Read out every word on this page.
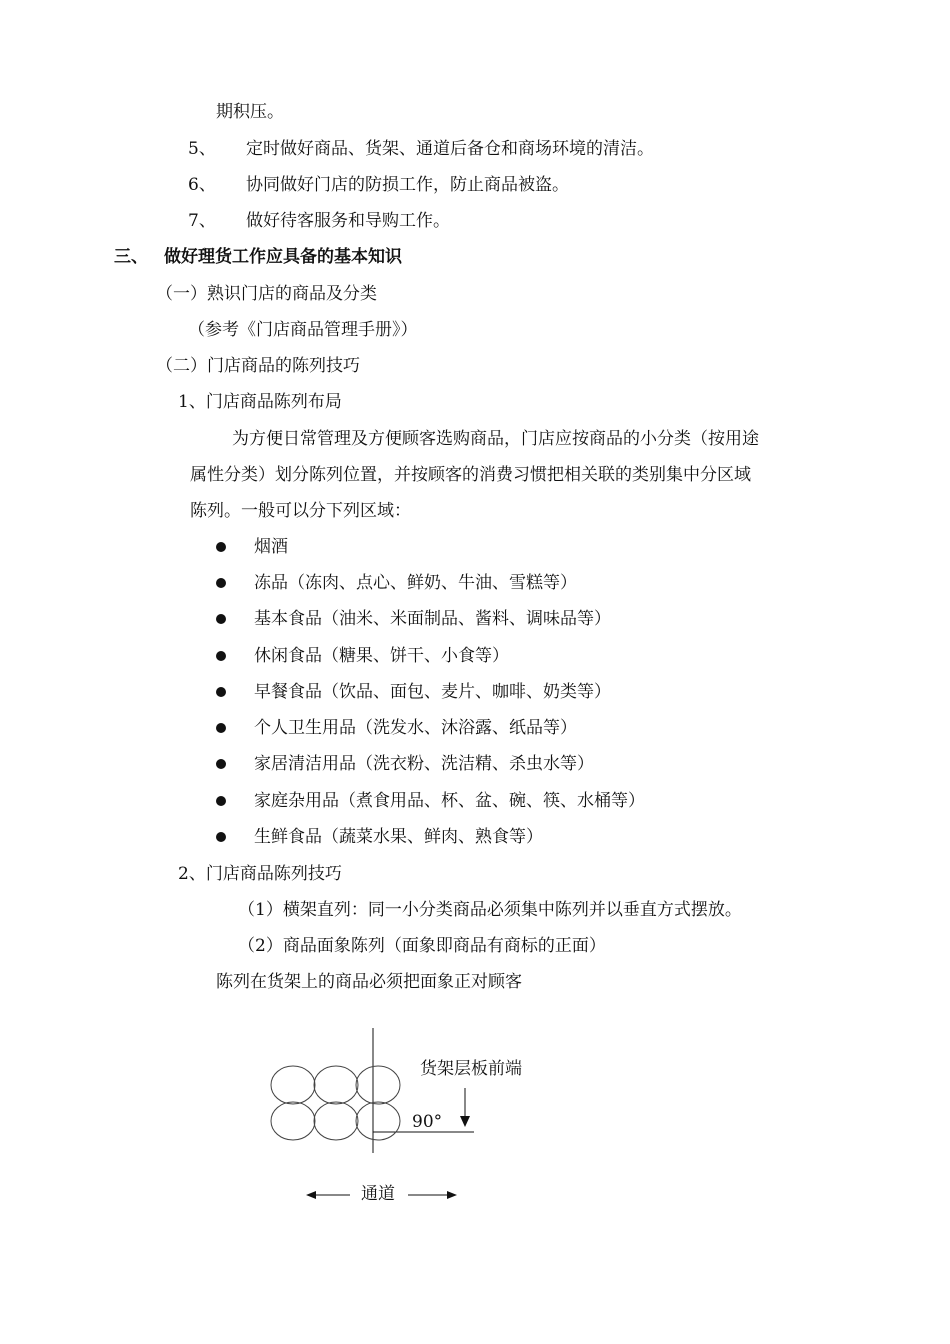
期积压。
5、 定时做好商品、货架、通道后备仓和商场环境的清洁。
6、 协同做好门店的防损工作，防止商品被盗。
7、 做好待客服务和导购工作。
三、 做好理货工作应具备的基本知识
（一）熟识门店的商品及分类
（参考《门店商品管理手册》）
（二）门店商品的陈列技巧
1、门店商品陈列布局
为方便日常管理及方便顾客选购商品，门店应按商品的小分类（按用途
属性分类）划分陈列位置，并按顾客的消费习惯把相关联的类别集中分区域
陈列。一般可以分下列区域：
烟酒
冻品（冻肉、点心、鲜奶、牛油、雪糕等）
基本食品（油米、米面制品、酱料、调味品等）
休闲食品（糖果、饼干、小食等）
早餐食品（饮品、面包、麦片、咖啡、奶类等）
个人卫生用品（洗发水、沐浴露、纸品等）
家居清洁用品（洗衣粉、洗洁精、杀虫水等）
家庭杂用品（煮食用品、杯、盆、碗、筷、水桶等）
生鲜食品（蔬菜水果、鲜肉、熟食等）
2、门店商品陈列技巧
（1）横架直列：同一小分类商品必须集中陈列并以垂直方式摆放。
（2）商品面象陈列（面象即商品有商标的正面）
陈列在货架上的商品必须把面象正对顾客
货架层板前端
90°
通道
